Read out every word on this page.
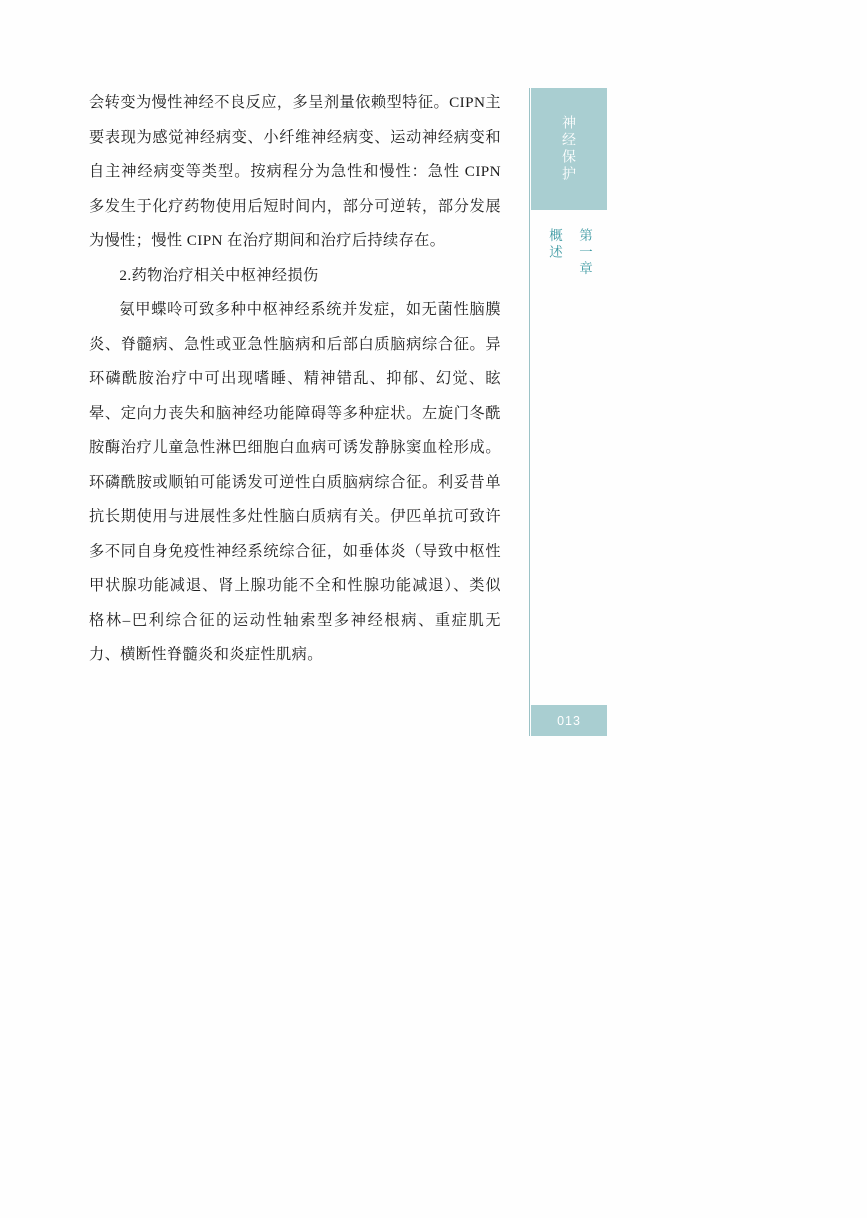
会转变为慢性神经不良反应，多呈剂量依赖型特征。CIPN主要表现为感觉神经病变、小纤维神经病变、运动神经病变和自主神经病变等类型。按病程分为急性和慢性：急性 CIPN 多发生于化疗药物使用后短时间内，部分可逆转，部分发展为慢性；慢性 CIPN 在治疗期间和治疗后持续存在。

2.药物治疗相关中枢神经损伤

氨甲蝶呤可致多种中枢神经系统并发症，如无菌性脑膜炎、脊髓病、急性或亚急性脑病和后部白质脑病综合征。异环磷酰胺治疗中可出现嗜睡、精神错乱、抑郁、幻觉、眩晕、定向力丧失和脑神经功能障碍等多种症状。左旋门冬酰胺酶治疗儿童急性淋巴细胞白血病可诱发静脉窦血栓形成。环磷酰胺或顺铂可能诱发可逆性白质脑病综合征。利妥昔单抗长期使用与进展性多灶性脑白质病有关。伊匹单抗可致许多不同自身免疫性神经系统综合征，如垂体炎（导致中枢性甲状腺功能减退、肾上腺功能不全和性腺功能减退）、类似格林–巴利综合征的运动性轴索型多神经根病、重症肌无力、横断性脊髓炎和炎症性肌病。

神经保护
概述 第一章
013
